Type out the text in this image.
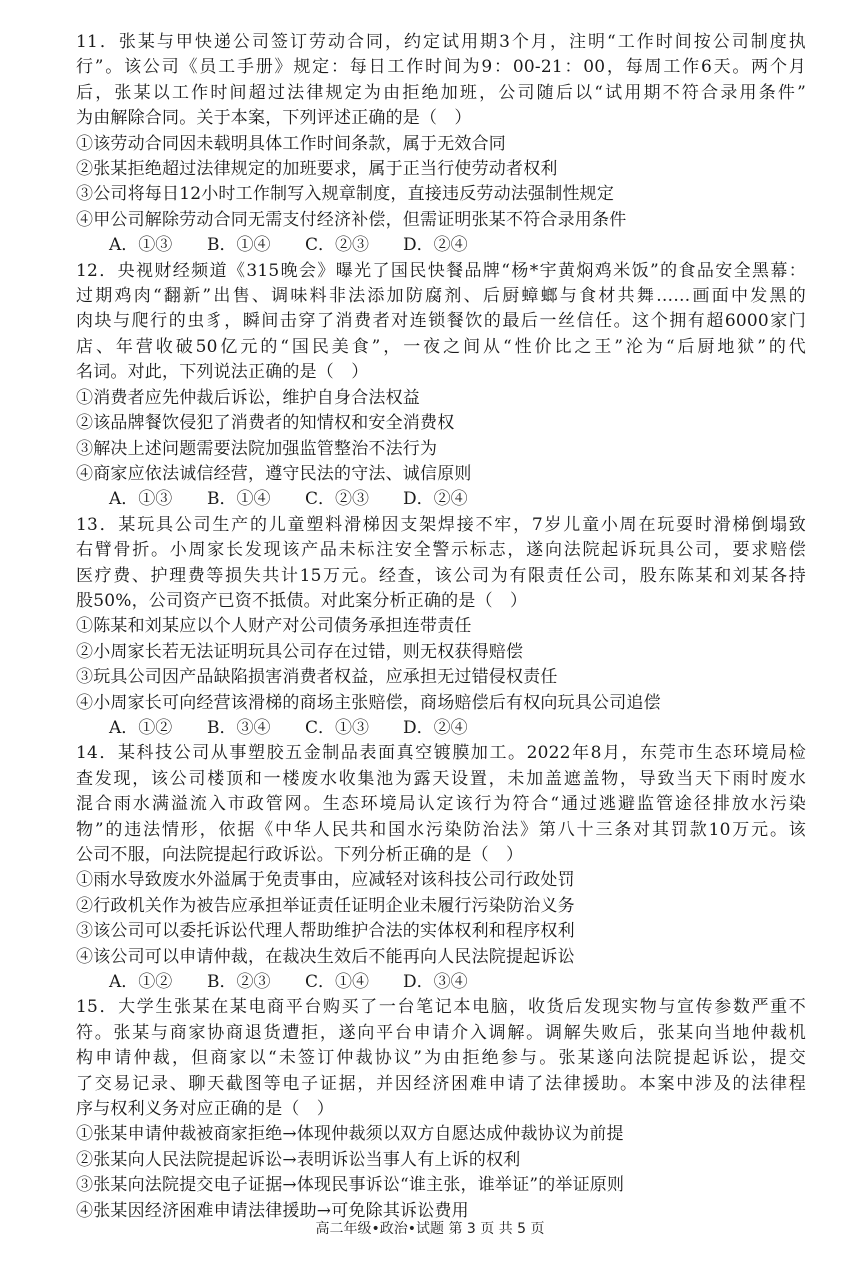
11．张某与甲快递公司签订劳动合同，约定试用期3个月，注明“工作时间按公司制度执
行”。该公司《员工手册》规定：每日工作时间为9：00-21：00，每周工作6天。两个月
后，张某以工作时间超过法律规定为由拒绝加班，公司随后以“试用期不符合录用条件”
为由解除合同。关于本案，下列评述正确的是（　）
①该劳动合同因未载明具体工作时间条款，属于无效合同
②张某拒绝超过法律规定的加班要求，属于正当行使劳动者权利
③公司将每日12小时工作制写入规章制度，直接违反劳动法强制性规定
④甲公司解除劳动合同无需支付经济补偿，但需证明张某不符合录用条件
A．①③ B．①④ C．②③ D．②④
12．央视财经频道《315晚会》曝光了国民快餐品牌“杨*宇黄焖鸡米饭”的食品安全黑幕：
过期鸡肉“翻新”出售、调味料非法添加防腐剂、后厨蟑螂与食材共舞……画面中发黑的
肉块与爬行的虫豸，瞬间击穿了消费者对连锁餐饮的最后一丝信任。这个拥有超6000家门
店、年营收破50亿元的“国民美食”，一夜之间从“性价比之王”沦为“后厨地狱”的代
名词。对此，下列说法正确的是（　）
①消费者应先仲裁后诉讼，维护自身合法权益
②该品牌餐饮侵犯了消费者的知情权和安全消费权
③解决上述问题需要法院加强监管整治不法行为
④商家应依法诚信经营，遵守民法的守法、诚信原则
A．①③ B．①④ C．②③ D．②④
13．某玩具公司生产的儿童塑料滑梯因支架焊接不牢，7岁儿童小周在玩耍时滑梯倒塌致
右臂骨折。小周家长发现该产品未标注安全警示标志，遂向法院起诉玩具公司，要求赔偿
医疗费、护理费等损失共计15万元。经查，该公司为有限责任公司，股东陈某和刘某各持
股50%，公司资产已资不抵债。对此案分析正确的是（　）
①陈某和刘某应以个人财产对公司债务承担连带责任
②小周家长若无法证明玩具公司存在过错，则无权获得赔偿
③玩具公司因产品缺陷损害消费者权益，应承担无过错侵权责任
④小周家长可向经营该滑梯的商场主张赔偿，商场赔偿后有权向玩具公司追偿
A．①② B．③④ C．①③ D．②④
14．某科技公司从事塑胶五金制品表面真空镀膜加工。2022年8月，东莞市生态环境局检
查发现，该公司楼顶和一楼废水收集池为露天设置，未加盖遮盖物，导致当天下雨时废水
混合雨水满溢流入市政管网。生态环境局认定该行为符合“通过逃避监管途径排放水污染
物”的违法情形，依据《中华人民共和国水污染防治法》第八十三条对其罚款10万元。该
公司不服，向法院提起行政诉讼。下列分析正确的是（　）
①雨水导致废水外溢属于免责事由，应减轻对该科技公司行政处罚
②行政机关作为被告应承担举证责任证明企业未履行污染防治义务
③该公司可以委托诉讼代理人帮助维护合法的实体权利和程序权利
④该公司可以申请仲裁，在裁决生效后不能再向人民法院提起诉讼
A．①② B．②③ C．①④ D．③④
15．大学生张某在某电商平台购买了一台笔记本电脑，收货后发现实物与宣传参数严重不
符。张某与商家协商退货遭拒，遂向平台申请介入调解。调解失败后，张某向当地仲裁机
构申请仲裁，但商家以“未签订仲裁协议”为由拒绝参与。张某遂向法院提起诉讼，提交
了交易记录、聊天截图等电子证据，并因经济困难申请了法律援助。本案中涉及的法律程
序与权利义务对应正确的是（　）
①张某申请仲裁被商家拒绝→体现仲裁须以双方自愿达成仲裁协议为前提
②张某向人民法院提起诉讼→表明诉讼当事人有上诉的权利
③张某向法院提交电子证据→体现民事诉讼“谁主张，谁举证”的举证原则
④张某因经济困难申请法律援助→可免除其诉讼费用
高二年级•政治•试题 第 3 页 共 5 页
